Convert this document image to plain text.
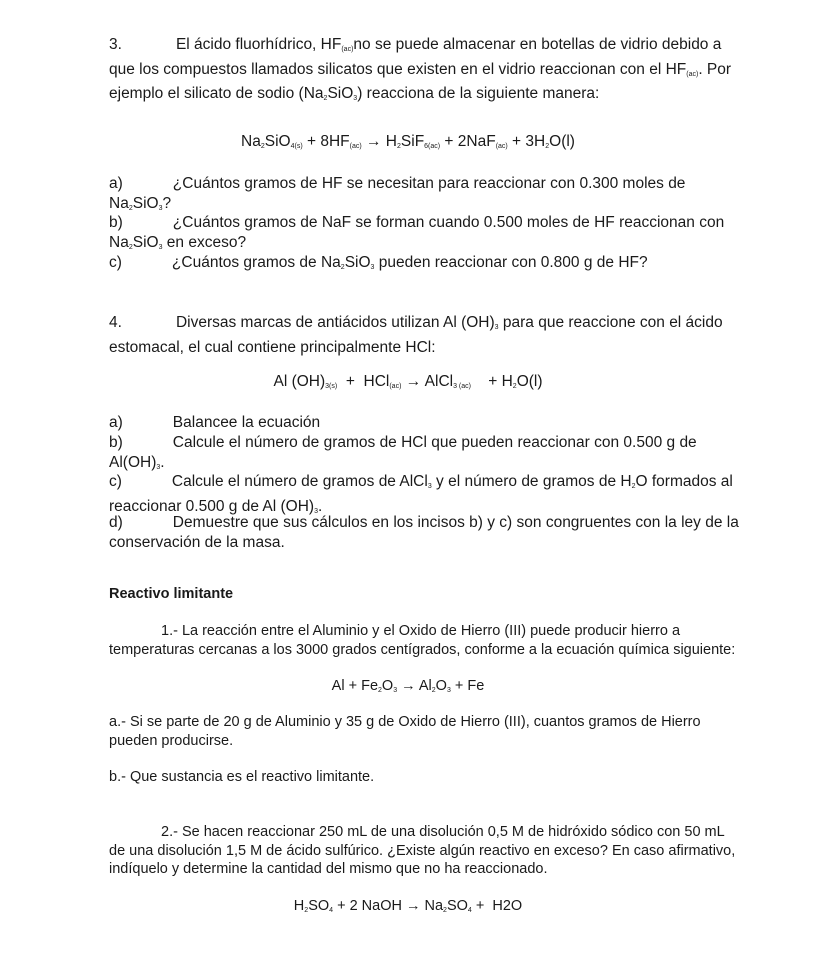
3.	El ácido fluorhídrico, $HF_{(ac)}no$ se puede almacenar en botellas de vidrio debido a que los compuestos llamados silicatos que existen en el vidrio reaccionan con el $HF_{(ac)}$. Por ejemplo el silicato de sodio $(Na_2SiO_3)$ reacciona de la siguiente manera:
$Na_2SiO_{4(s)} + 8HF_{(ac)} \to H_2SiF_{6(ac)} + 2NaF_{(ac)} + 3H_2O(l)$
a)	¿Cuántos gramos de HF se necesitan para reaccionar con 0.300 moles de $Na_2SiO_3$?
b)	¿Cuántos gramos de NaF se forman cuando 0.500 moles de HF reaccionan con $Na_2SiO_3$ en exceso?
c)	¿Cuántos gramos de $Na_2SiO_3$ pueden reaccionar con 0.800 g de HF?
4.	Diversas marcas de antiácidos utilizan Al $(OH)_3$ para que reaccione con el ácido estomacal, el cual contiene principalmente HCl:
Al $(OH)_{3(s)} + HCl_{(ac)}$ → AlCl$_{3 (ac)}$    + $H_2O(l)$
a)	Balancee la ecuación
b)	Calcule el número de gramos de HCl que pueden reaccionar con 0.500 g de $Al(OH)_3$.
c)	Calcule el número de gramos de AlCl$_3$ y el número de gramos de $H_2O$ formados al reaccionar 0.500 g de Al $(OH)_3$.
d)	Demuestre que sus cálculos en los incisos b) y c) son congruentes con la ley de la conservación de la masa.
Reactivo limitante
1.- La reacción entre el Aluminio y el Oxido de Hierro (III) puede producir hierro a temperaturas cercanas a los 3000 grados centígrados, conforme a la ecuación química siguiente:
$Al + Fe_2O_3 \to Al_2O_3 + Fe$
a.- Si se parte de 20 g de Aluminio y 35 g de Oxido de Hierro (III), cuantos gramos de Hierro pueden producirse.
b.- Que sustancia es el reactivo limitante.
2.- Se hacen reaccionar 250 mL de una disolución 0,5 M de hidróxido sódico con 50 mL de una disolución 1,5 M de ácido sulfúrico. ¿Existe algún reactivo en exceso? En caso afirmativo, indíquelo y determine la cantidad del mismo que no ha reaccionado.
$H_2SO_4 + 2$ NaOH → $Na_2SO_4 + H2O$
